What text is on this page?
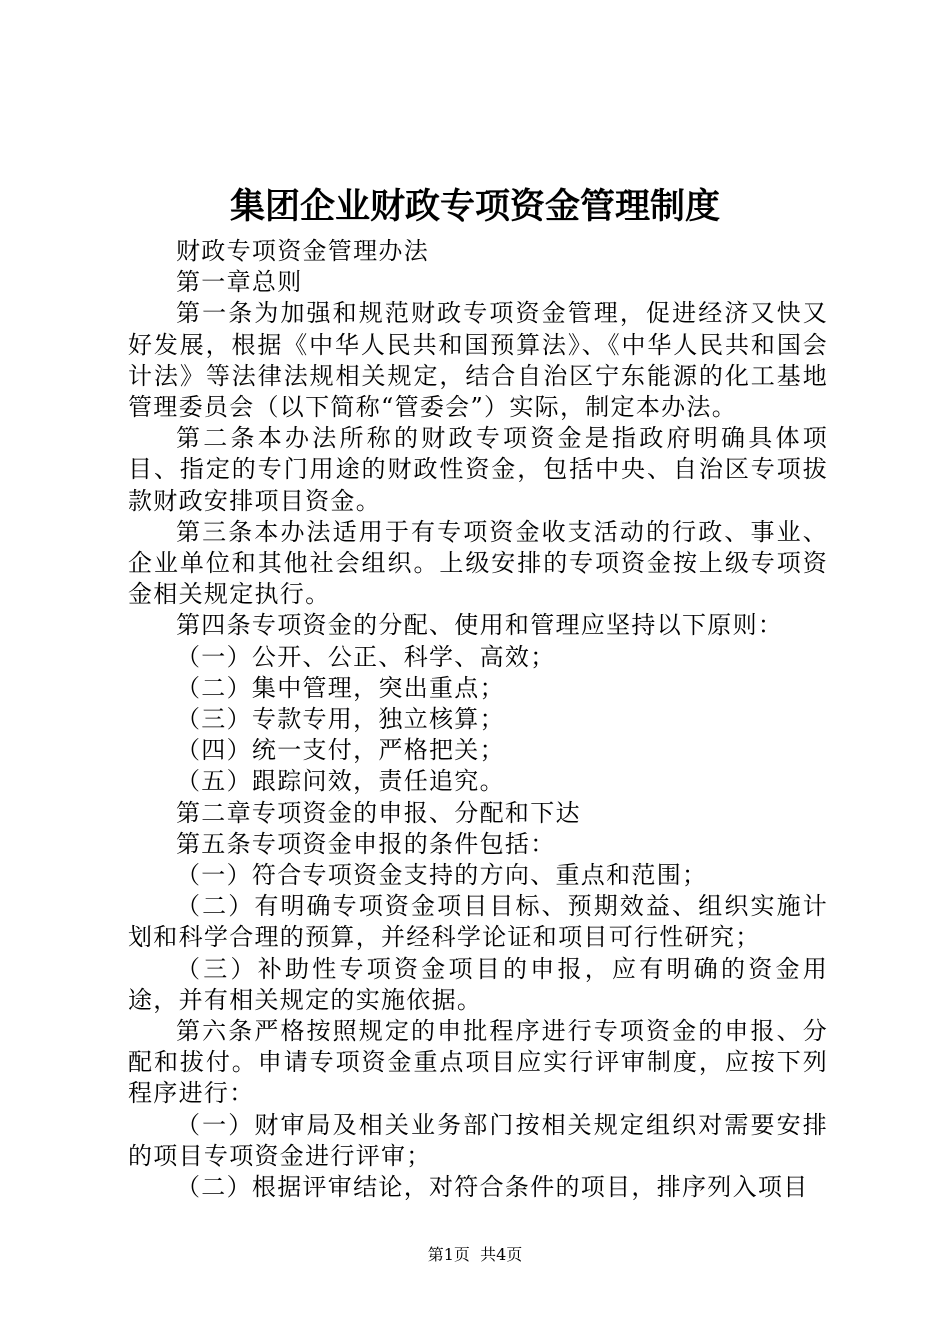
集团企业财政专项资金管理制度

财政专项资金管理办法

第一章总则

第一条为加强和规范财政专项资金管理，促进经济又快又好发展，根据《中华人民共和国预算法》、《中华人民共和国会计法》等法律法规相关规定，结合自治区宁东能源的化工基地管理委员会（以下简称“管委会”）实际，制定本办法。

第二条本办法所称的财政专项资金是指政府明确具体项目、指定的专门用途的财政性资金，包括中央、自治区专项拔款财政安排项目资金。

第三条本办法适用于有专项资金收支活动的行政、事业、企业单位和其他社会组织。上级安排的专项资金按上级专项资金相关规定执行。

第四条专项资金的分配、使用和管理应坚持以下原则：

（一）公开、公正、科学、高效；

（二）集中管理，突出重点；

（三）专款专用，独立核算；

（四）统一支付，严格把关；

（五）跟踪问效，责任追究。

第二章专项资金的申报、分配和下达

第五条专项资金申报的条件包括：

（一）符合专项资金支持的方向、重点和范围；

（二）有明确专项资金项目目标、预期效益、组织实施计划和科学合理的预算，并经科学论证和项目可行性研究；

（三）补助性专项资金项目的申报，应有明确的资金用途，并有相关规定的实施依据。

第六条严格按照规定的申批程序进行专项资金的申报、分配和拔付。申请专项资金重点项目应实行评审制度，应按下列程序进行：

（一）财审局及相关业务部门按相关规定组织对需要安排的项目专项资金进行评审；

（二）根据评审结论，对符合条件的项目，排序列入项目

第1页  共4页
